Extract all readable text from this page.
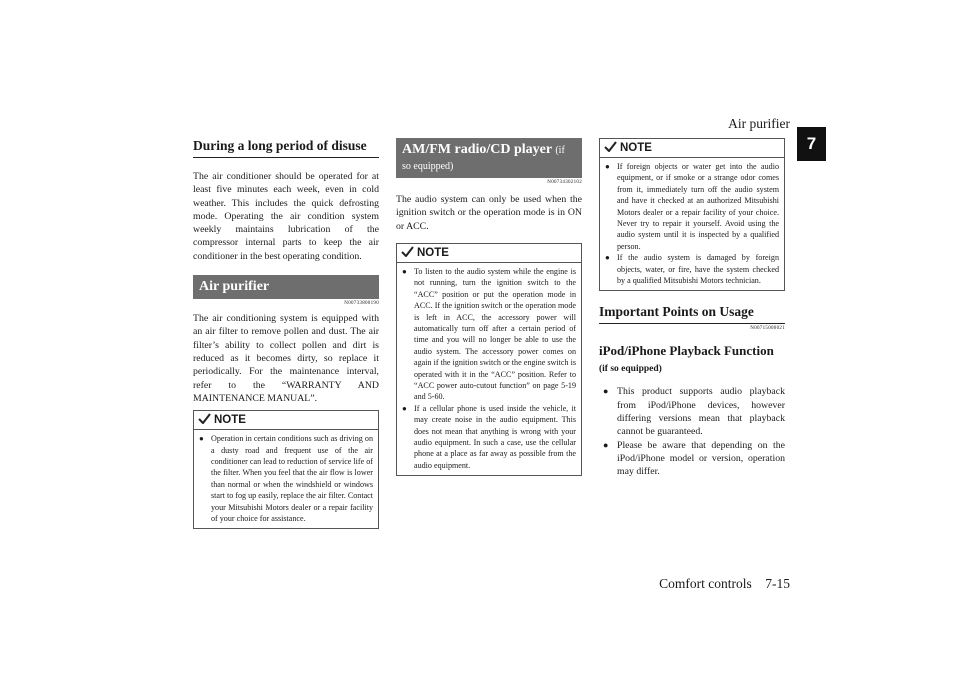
Air purifier
7
Comfort controls    7-15
During a long period of disuse

The air conditioner should be operated for at least five minutes each week, even in cold weather. This includes the quick defrosting mode. Operating the air condition system weekly maintains lubrication of the compressor internal parts to keep the air conditioner in the best operating condition.

Air purifier
N00733800190

The air conditioning system is equipped with an air filter to remove pollen and dust. The air filter’s ability to collect pollen and dirt is reduced as it becomes dirty, so replace it periodically. For the maintenance interval, refer to the “WARRANTY AND MAINTENANCE MANUAL”.

NOTE
● Operation in certain conditions such as driving on a dusty road and frequent use of the air conditioner can lead to reduction of service life of the filter. When you feel that the air flow is lower than normal or when the windshield or windows start to fog up easily, replace the air filter. Contact your Mitsubishi Motors dealer or a repair facility of your choice for assistance.
AM/FM radio/CD player (if so equipped)
N00734302102

The audio system can only be used when the ignition switch or the operation mode is in ON or ACC.

NOTE
● To listen to the audio system while the engine is not running, turn the ignition switch to the “ACC” position or put the operation mode in ACC. If the ignition switch or the operation mode is left in ACC, the accessory power will automatically turn off after a certain period of time and you will no longer be able to use the audio system. The accessory power comes on again if the ignition switch or the engine switch is operated with it in the “ACC” position. Refer to “ACC power auto-cutout function” on page 5-19 and 5-60.
● If a cellular phone is used inside the vehicle, it may create noise in the audio equipment. This does not mean that anything is wrong with your audio equipment. In such a case, use the cellular phone at a place as far away as possible from the audio equipment.
NOTE
● If foreign objects or water get into the audio equipment, or if smoke or a strange odor comes from it, immediately turn off the audio system and have it checked at an authorized Mitsubishi Motors dealer or a repair facility of your choice. Never try to repair it yourself. Avoid using the audio system until it is inspected by a qualified person.
● If the audio system is damaged by foreign objects, water, or fire, have the system checked by a qualified Mitsubishi Motors technician.
Important Points on Usage
N00715000021
iPod/iPhone Playback Function (if so equipped)
● This product supports audio playback from iPod/iPhone devices, however differing versions mean that playback cannot be guaranteed.
● Please be aware that depending on the iPod/iPhone model or version, operation may differ.
